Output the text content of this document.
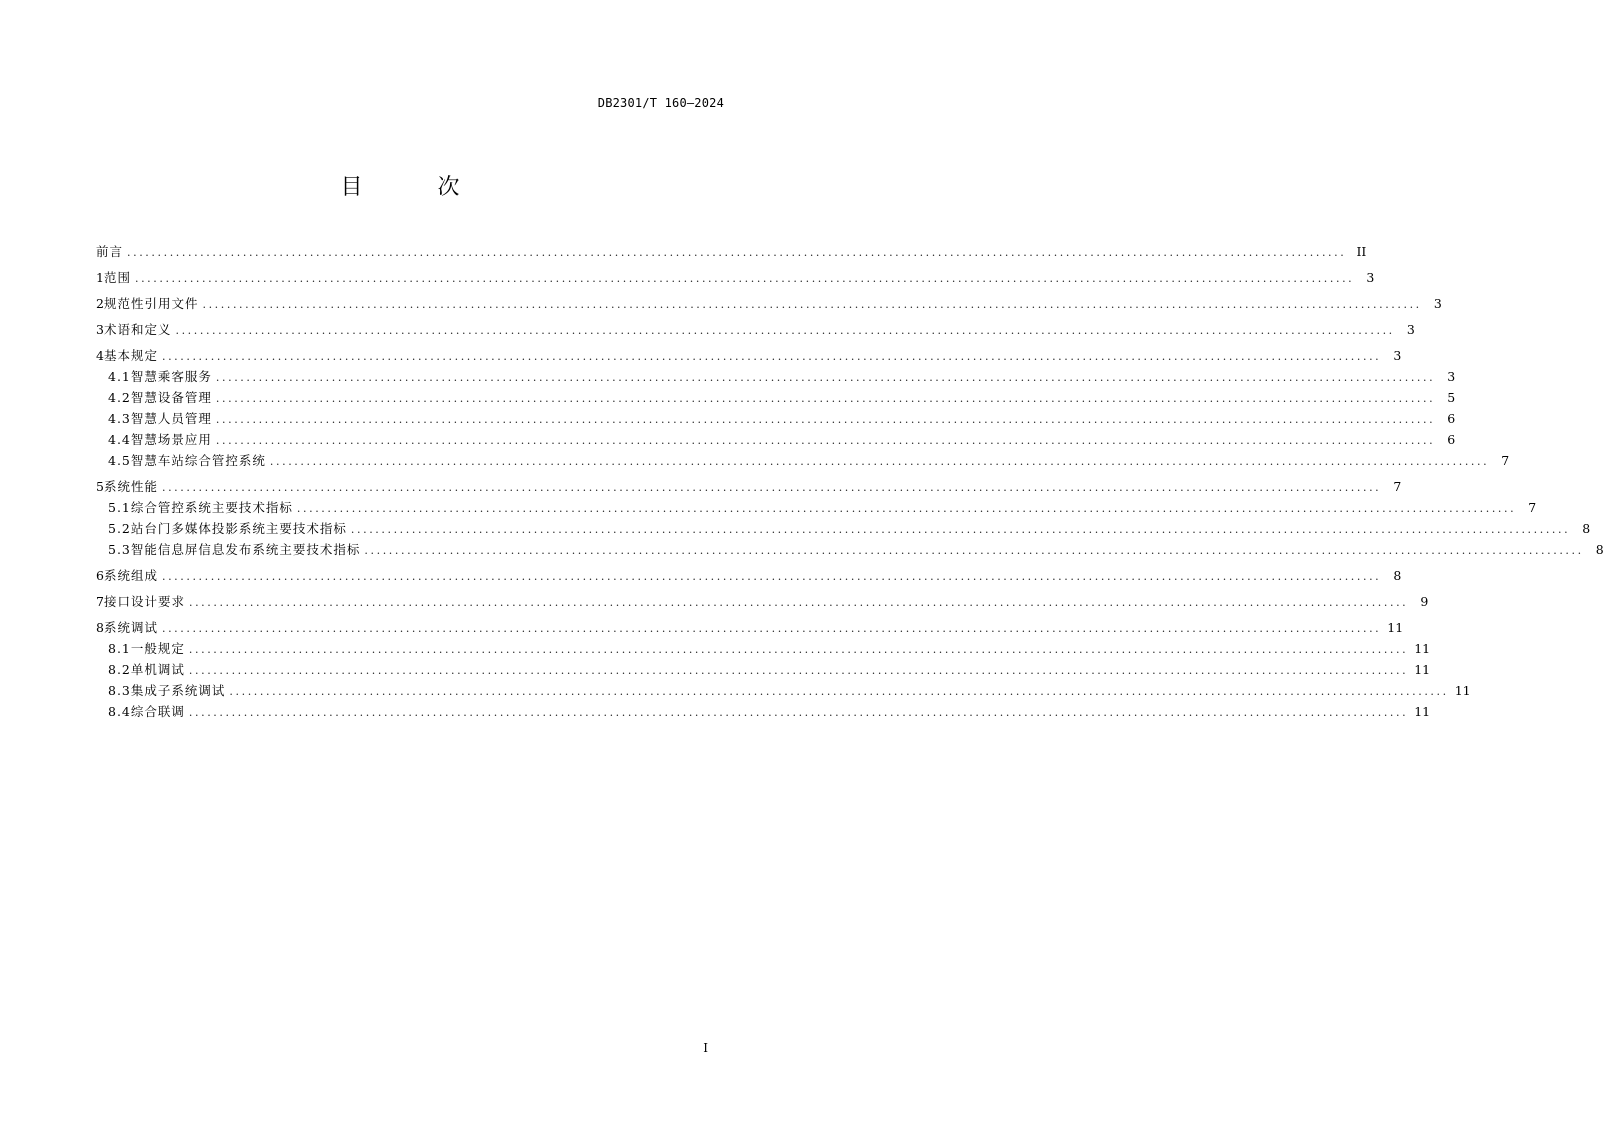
DB2301/T 160—2024
目 次
前言 ........................................................................................................................................................................................................ II
1 范围 ........................................................................................................................................................................................................ 3
2 规范性引用文件 ........................................................................................................................................................................................................ 3
3 术语和定义 ........................................................................................................................................................................................................ 3
4 基本规定 ........................................................................................................................................................................................................ 3
4.1 智慧乘客服务 ........................................................................................................................................................................................................ 3
4.2 智慧设备管理 ........................................................................................................................................................................................................ 5
4.3 智慧人员管理 ........................................................................................................................................................................................................ 6
4.4 智慧场景应用 ........................................................................................................................................................................................................ 6
4.5 智慧车站综合管控系统 ........................................................................................................................................................................................................ 7
5 系统性能 ........................................................................................................................................................................................................ 7
5.1 综合管控系统主要技术指标 ........................................................................................................................................................................................................ 7
5.2 站台门多媒体投影系统主要技术指标 ........................................................................................................................................................................................................ 8
5.3 智能信息屏信息发布系统主要技术指标 ........................................................................................................................................................................................................ 8
6 系统组成 ........................................................................................................................................................................................................ 8
7 接口设计要求 ........................................................................................................................................................................................................ 9
8 系统调试 ........................................................................................................................................................................................................ 11
8.1 一般规定 ........................................................................................................................................................................................................ 11
8.2 单机调试 ........................................................................................................................................................................................................ 11
8.3 集成子系统调试 ........................................................................................................................................................................................................ 11
8.4 综合联调 ........................................................................................................................................................................................................ 11
I
